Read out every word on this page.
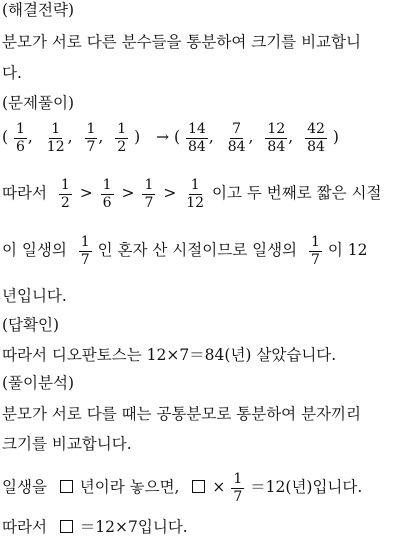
(해결전략)
분모가 서로 다른 분수들을 통분하여 크기를 비교합니
다.
(문제풀이)
( $\frac{1}{6}$ , $\frac{1}{12}$ , $\frac{1}{7}$ , $\frac{1}{2}$ ) → ( $\frac{14}{84}$ , $\frac{7}{84}$ , $\frac{12}{84}$ , $\frac{42}{84}$ )
따라서 $\frac{1}{2} > \frac{1}{6} > \frac{1}{7} > \frac{1}{12}$ 이고 두 번째로 짧은 시절
이 일생의 $\frac{1}{7}$ 인 혼자 산 시절이므로 일생의 $\frac{1}{7}$ 이 12
년입니다.
(답확인)
따라서 디오판토스는 12×7＝84(년) 살았습니다.
(풀이분석)
분모가 서로 다를 때는 공통분모로 통분하여 분자끼리
크기를 비교합니다.
일생을 년이라 놓으면, × $\frac{1}{7} =12$(년)입니다.
따라서 ＝12×7입니다.
